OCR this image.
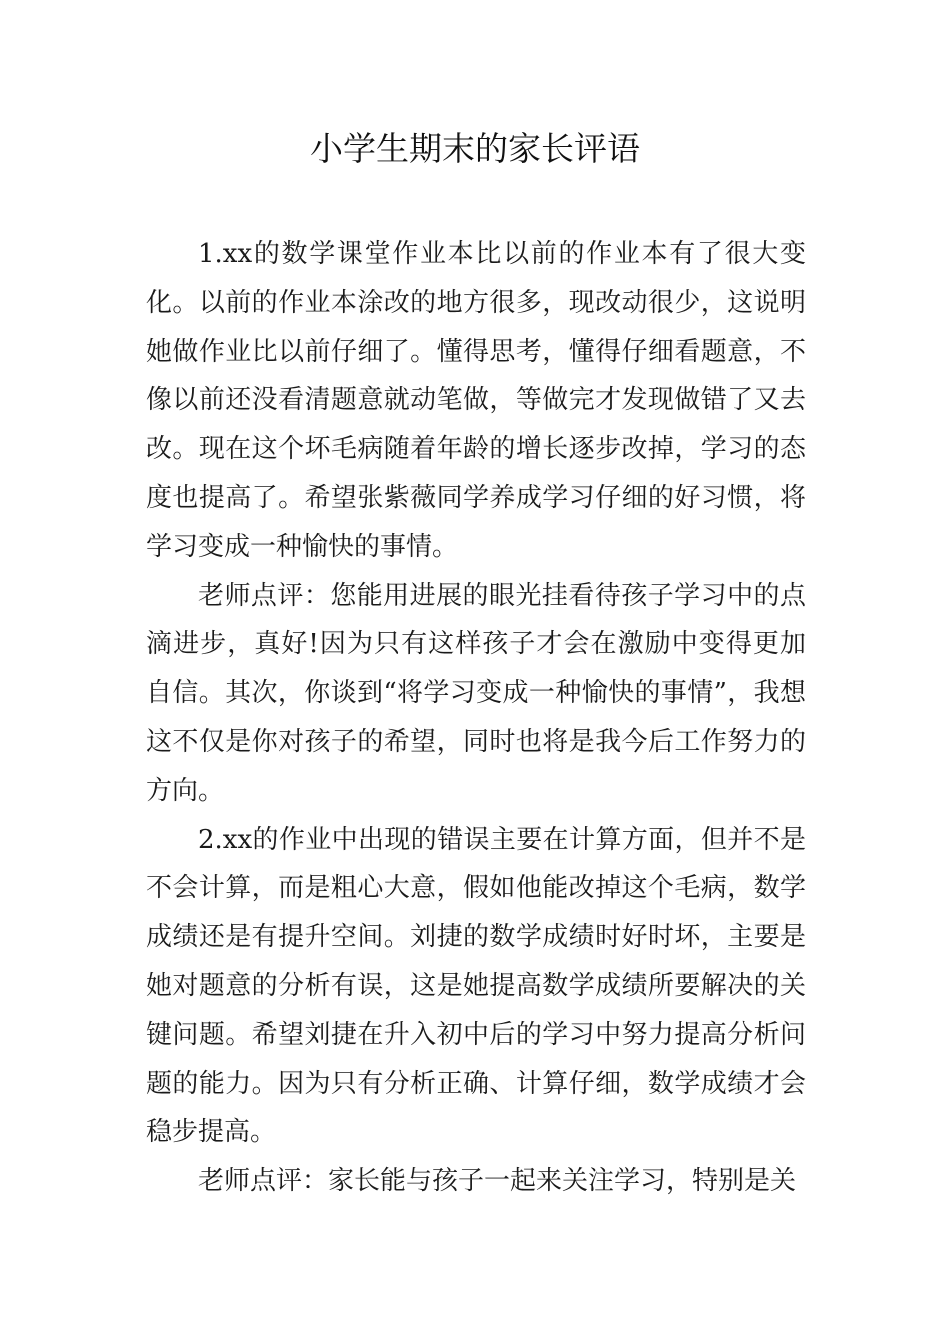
小学生期末的家长评语

1.xx的数学课堂作业本比以前的作业本有了很大变化。以前的作业本涂改的地方很多，现改动很少，这说明她做作业比以前仔细了。懂得思考，懂得仔细看题意，不像以前还没看清题意就动笔做，等做完才发现做错了又去改。现在这个坏毛病随着年龄的增长逐步改掉，学习的态度也提高了。希望张紫薇同学养成学习仔细的好习惯，将学习变成一种愉快的事情。

老师点评：您能用进展的眼光挂看待孩子学习中的点滴进步，真好!因为只有这样孩子才会在激励中变得更加自信。其次，你谈到“将学习变成一种愉快的事情”，我想这不仅是你对孩子的希望，同时也将是我今后工作努力的方向。

2.xx的作业中出现的错误主要在计算方面，但并不是不会计算，而是粗心大意，假如他能改掉这个毛病，数学成绩还是有提升空间。刘捷的数学成绩时好时坏，主要是她对题意的分析有误，这是她提高数学成绩所要解决的关键问题。希望刘捷在升入初中后的学习中努力提高分析问题的能力。因为只有分析正确、计算仔细，数学成绩才会稳步提高。

老师点评：家长能与孩子一起来关注学习，特别是关
